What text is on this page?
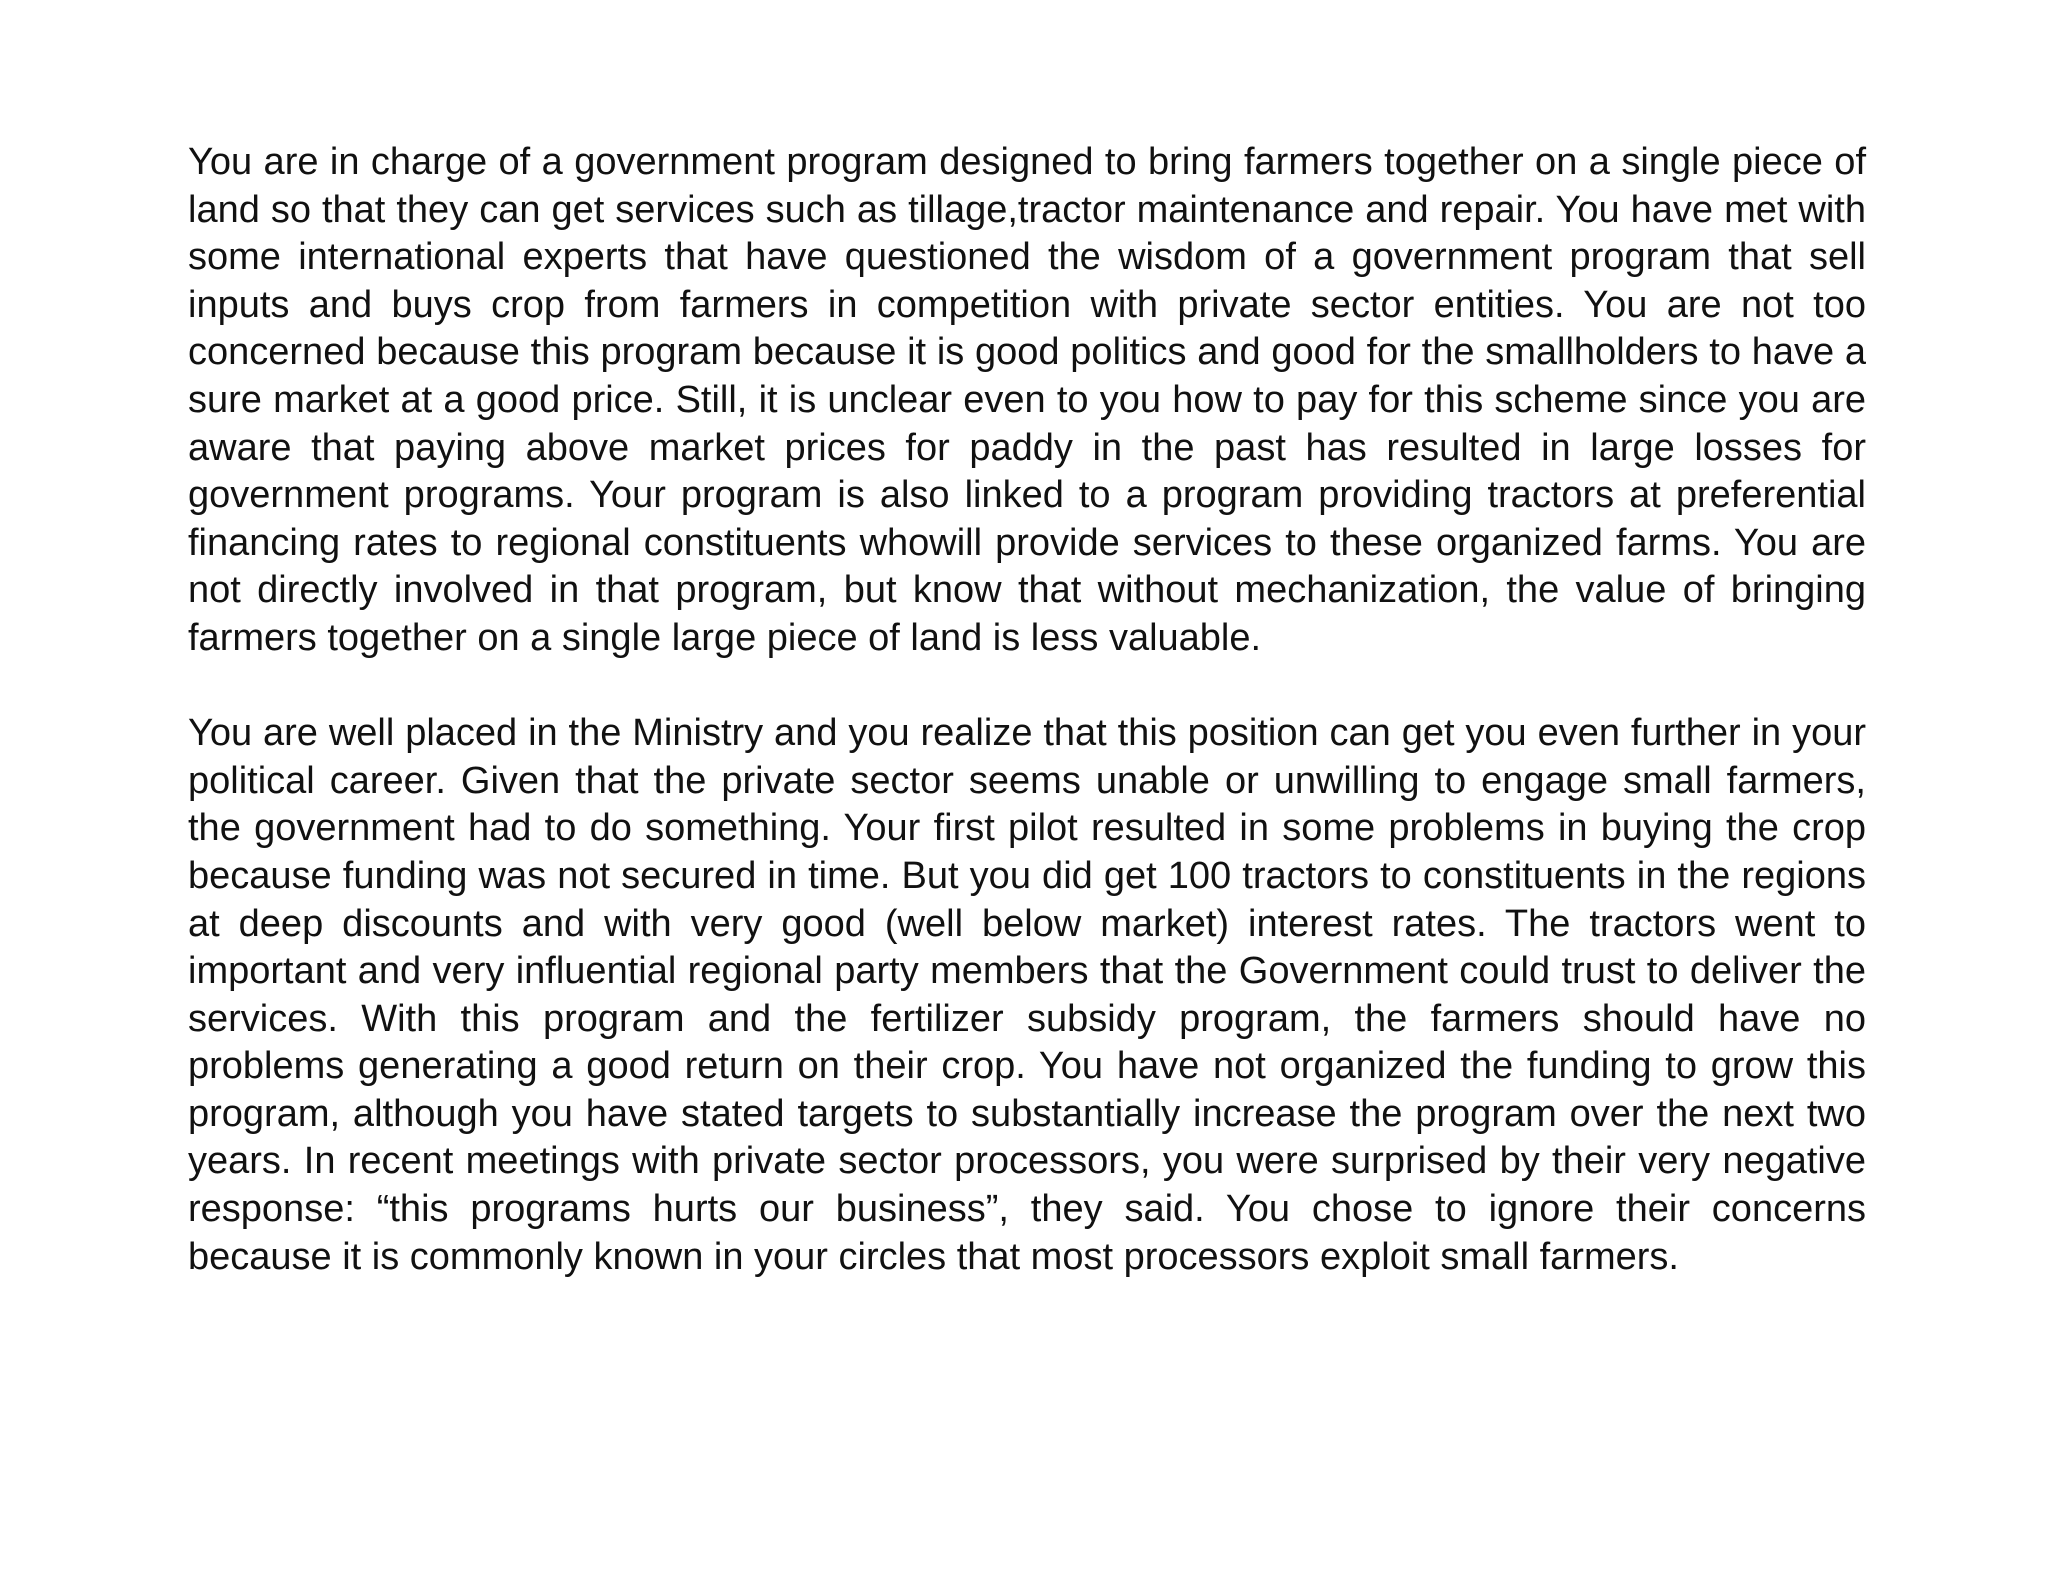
You are in charge of a government program designed to bring farmers together on a single piece of land so that they can get services such as tillage,tractor maintenance and repair. You have met with some international experts that have questioned the wisdom of a government program that sell inputs and buys crop from farmers in competition with private sector entities. You are not too concerned because this program because it is good politics and good for the smallholders to have a sure market at a good price. Still, it is unclear even to you how to pay for this scheme since you are aware that paying above market prices for paddy in the past has resulted in large losses for government programs. Your program is also linked to a program providing tractors at preferential financing rates to regional constituents whowill provide services to these organized farms. You are not directly involved in that program, but know that without mechanization, the value of bringing farmers together on a single large piece of land is less valuable.

You are well placed in the Ministry and you realize that this position can get you even further in your political career. Given that the private sector seems unable or unwilling to engage small farmers, the government had to do something. Your first pilot resulted in some problems in buying the crop because funding was not secured in time. But you did get 100 tractors to constituents in the regions at deep discounts and with very good (well below market) interest rates. The tractors went to important and very influential regional party members that the Government could trust to deliver the services. With this program and the fertilizer subsidy program, the farmers should have no problems generating a good return on their crop. You have not organized the funding to grow this program, although you have stated targets to substantially increase the program over the next two years. In recent meetings with private sector processors, you were surprised by their very negative response: “this programs hurts our business”, they said. You chose to ignore their concerns because it is commonly known in your circles that most processors exploit small farmers.
